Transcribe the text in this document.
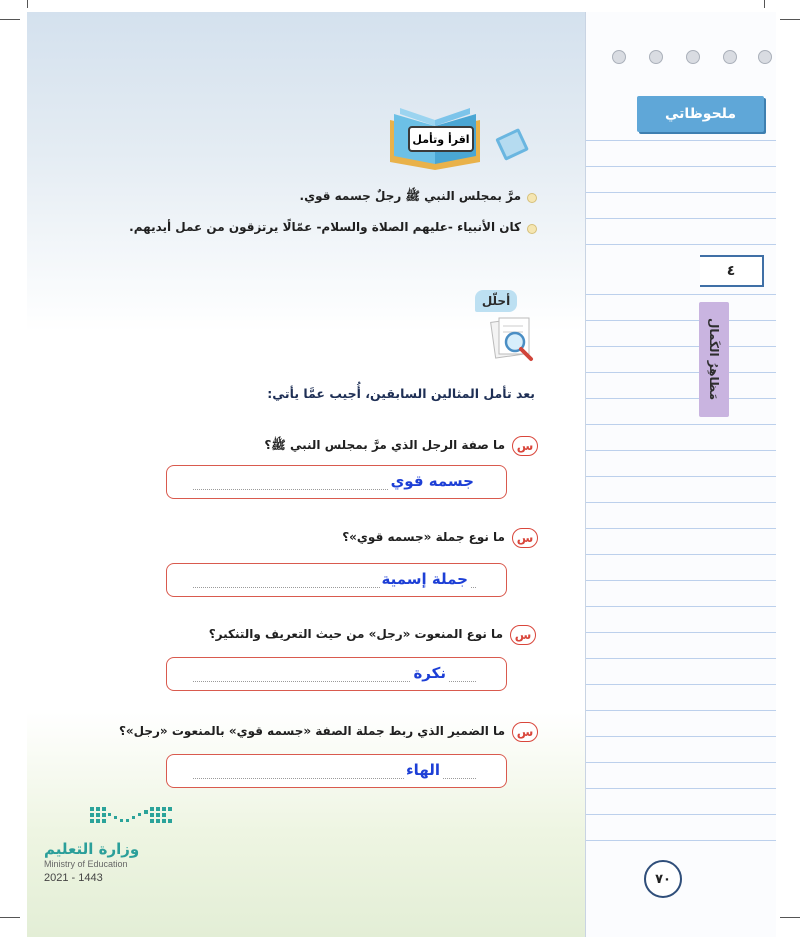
اقرأ وتأمل
مرَّ بمجلس النبي ﷺ رجلٌ جسمه قوي.
كان الأنبياء -عليهم الصلاة والسلام- عمّالًا يرتزقون من عمل أيديهم.
أحلّل
بعد تأمل المثالين السابقين، أُجيب عمَّا يأتي:
س
ما صفة الرجل الذي مرَّ بمجلس النبي ﷺ؟
جسمه قوي
س
ما نوع جملة «جسمه قوي»؟
جملة إسمية
س
ما نوع المنعوت «رجل» من حيث التعريف والتنكير؟
نكرة
س
ما الضمير الذي ربط جملة الصفة «جسمه قوي» بالمنعوت «رجل»؟
الهاء
وزارة التعليم
Ministry of Education
2021 - 1443
ملحوظاتي
٤
مَظاهِرُ الكَمال
٧٠
